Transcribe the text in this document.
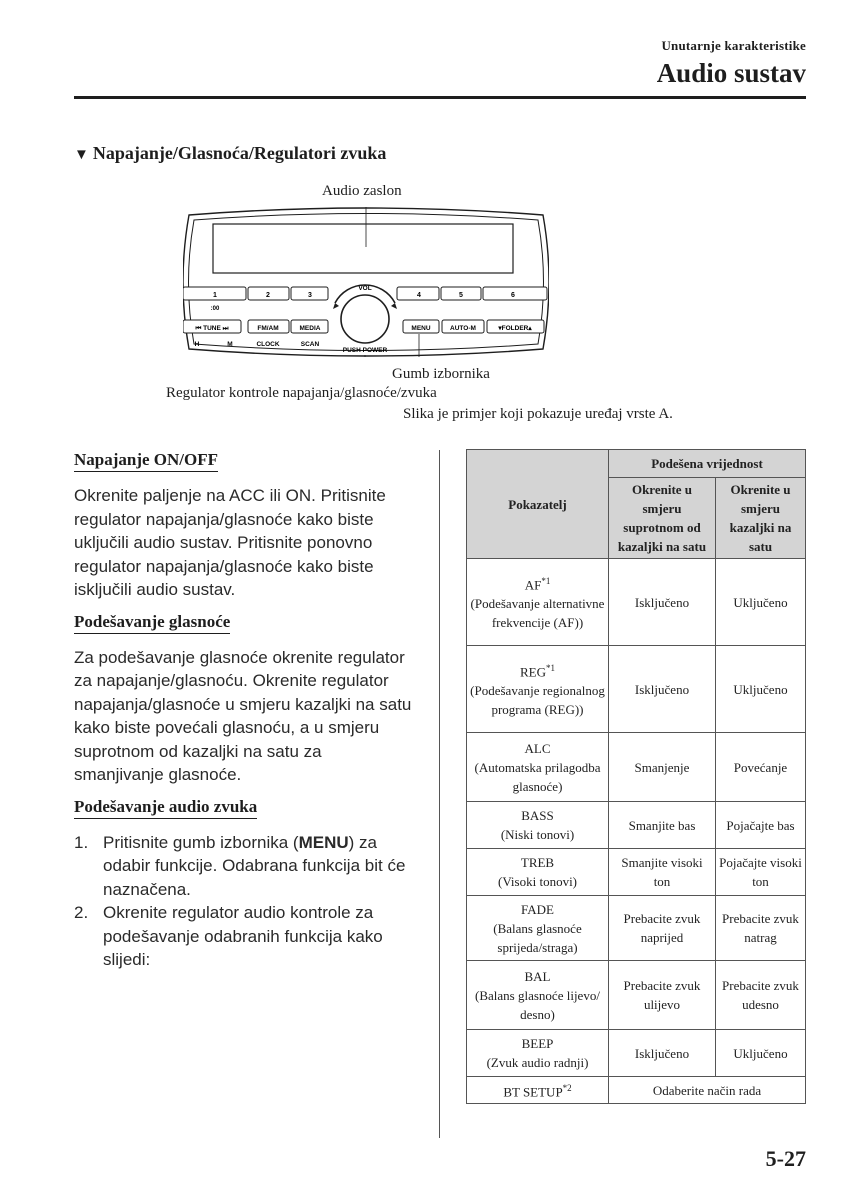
Unutarnje karakteristike
Audio sustav
▼ Napajanje/Glasnoća/Regulatori zvuka
Audio zaslon
1	2	3
:00
4	5	6
⏮ TUNE ⏭	FM/AM	MEDIA
H	M	CLOCK	SCAN
MENU	AUTO-M	▾FOLDER▴
VOL
PUSH POWER
Gumb izbornika
Regulator kontrole napajanja/glasnoće/zvuka
Slika je primjer koji pokazuje uređaj vrste A.
Napajanje ON/OFF

Okrenite paljenje na ACC ili ON. Pritisnite regulator napajanja/glasnoće kako biste uključili audio sustav. Pritisnite ponovno regulator napajanja/glasnoće kako biste isključili audio sustav.

Podešavanje glasnoće

Za podešavanje glasnoće okrenite regulator za napajanje/glasnoću. Okrenite regulator napajanja/glasnoće u smjeru kazaljki na satu kako biste povećali glasnoću, a u smjeru suprotnom od kazaljki na satu za smanjivanje glasnoće.

Podešavanje audio zvuka
1. Pritisnite gumb izbornika (MENU) za odabir funkcije. Odabrana funkcija bit će naznačena.
2. Okrenite regulator audio kontrole za podešavanje odabranih funkcija kako slijedi:
Pokazatelj	Podešena vrijednost	
	Okrenite u smjeru suprotnom od kazaljki na satu	Okrenite u smjeru kazaljki na satu
AF$^{*1}$
(Podešavanje alternativne frekvencije (AF))	Isključeno	Uključeno
REG$^{*1}$
(Podešavanje regionalnog programa (REG))	Isključeno	Uključeno
ALC
(Automatska prilagodba glasnoće)	Smanjenje	Povećanje
BASS
(Niski tonovi)	Smanjite bas	Pojačajte bas
TREB
(Visoki tonovi)	Smanjite visoki ton	Pojačajte visoki ton
FADE
(Balans glasnoće sprijeda/straga)	Prebacite zvuk naprijed	Prebacite zvuk natrag
BAL
(Balans glasnoće lijevo/ desno)	Prebacite zvuk ulijevo	Prebacite zvuk udesno
BEEP
(Zvuk audio radnji)	Isključeno	Uključeno
BT SETUP$^{*2}$	Odaberite način rada	
5-27
